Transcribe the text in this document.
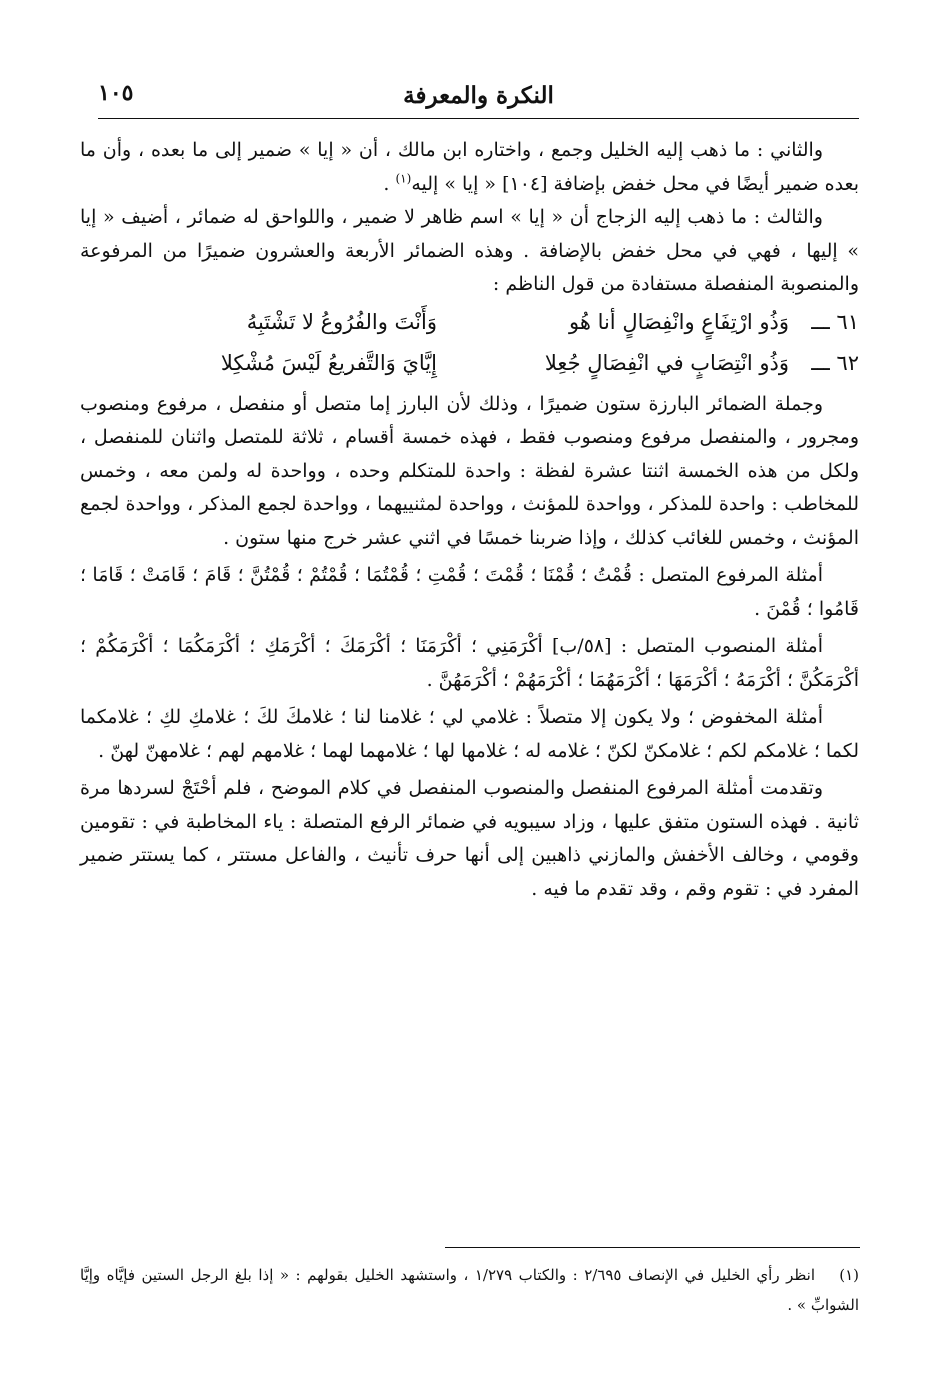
النكرة والمعرفة
١٠٥

والثاني : ما ذهب إليه الخليل وجمع ، واختاره ابن مالك ، أن « إيا » ضمير إلى ما بعده ، وأن ما بعده ضمير أيضًا في محل خفض بإضافة [١٠٤] « إيا » إليه$^{(١)}$ .

والثالث : ما ذهب إليه الزجاج أن « إيا » اسم ظاهر لا ضمير ، واللواحق له ضمائر ، أضيف « إيا » إليها ، فهي في محل خفض بالإضافة . وهذه الضمائر الأربعة والعشرون ضميرًا من المرفوعة والمنصوبة المنفصلة مستفادة من قول الناظم :

٦١ ـــ
وَذُو ارْتِفَاعٍ وانْفِصَالٍ أنا هُو
وَأَنْتَ والفُرُوعُ لا تَشْتَبِهُ
٦٢ ـــ
وَذُو انْتِصَابٍ في انْفِصَالٍ جُعِلا
إِيَّايَ وَالتَّفريعُ لَيْسَ مُشْكِلا

وجملة الضمائر البارزة ستون ضميرًا ، وذلك لأن البارز إما متصل أو منفصل ، مرفوع ومنصوب ومجرور ، والمنفصل مرفوع ومنصوب فقط ، فهذه خمسة أقسام ، ثلاثة للمتصل واثنان للمنفصل ، ولكل من هذه الخمسة اثنتا عشرة لفظة : واحدة للمتكلم وحده ، وواحدة له ولمن معه ، وخمس للمخاطب : واحدة للمذكر ، وواحدة للمؤنث ، وواحدة لمثنييهما ، وواحدة لجمع المذكر ، وواحدة لجمع المؤنث ، وخمس للغائب كذلك ، وإذا ضربنا خمسًا في اثني عشر خرج منها ستون .

أمثلة المرفوع المتصل : قُمْتُ ؛ قُمْنَا ؛ قُمْتَ ؛ قُمْتِ ؛ قُمْتُمَا ؛ قُمْتُمْ ؛ قُمْتُنَّ ؛ قَامَ ؛ قَامَتْ ؛ قَامَا ؛ قَامُوا ؛ قُمْنَ .

أمثلة المنصوب المتصل : [٥٨/ب] أكْرَمَنِي ؛ أكْرَمَنَا ؛ أكْرَمَكَ ؛ أكْرَمَكِ ؛ أكْرَمَكُمَا ؛ أكْرَمَكُمْ ؛ أكْرَمَكُنَّ ؛ أكْرَمَهُ ؛ أكْرَمَهَا ؛ أكْرَمَهُمَا ؛ أكْرَمَهُمْ ؛ أكْرَمَهُنَّ .

أمثلة المخفوض ؛ ولا يكون إلا متصلاً : غلامي لي ؛ غلامنا لنا ؛ غلامكَ لكَ ؛ غلامكِ لكِ ؛ غلامكما لكما ؛ غلامكم لكم ؛ غلامكنّ لكنّ ؛ غلامه له ؛ غلامها لها ؛ غلامهما لهما ؛ غلامهم لهم ؛ غلامهنّ لهنّ .

وتقدمت أمثلة المرفوع المنفصل والمنصوب المنفصل في كلام الموضح ، فلم أحْتَجْ لسردها مرة ثانية . فهذه الستون متفق عليها ، وزاد سيبويه في ضمائر الرفع المتصلة : ياء المخاطبة في : تقومين وقومي ، وخالف الأخفش والمازني ذاهبين إلى أنها حرف تأنيث ، والفاعل مستتر ، كما يستتر ضمير المفرد في : تقوم وقم ، وقد تقدم ما فيه .

(١)انظر رأي الخليل في الإنصاف ٢/٦٩٥ : والكتاب ١/٢٧٩ ، واستشهد الخليل بقولهم : « إذا بلغ الرجل الستين فإيَّاه وإيَّا الشوابِّ » .
